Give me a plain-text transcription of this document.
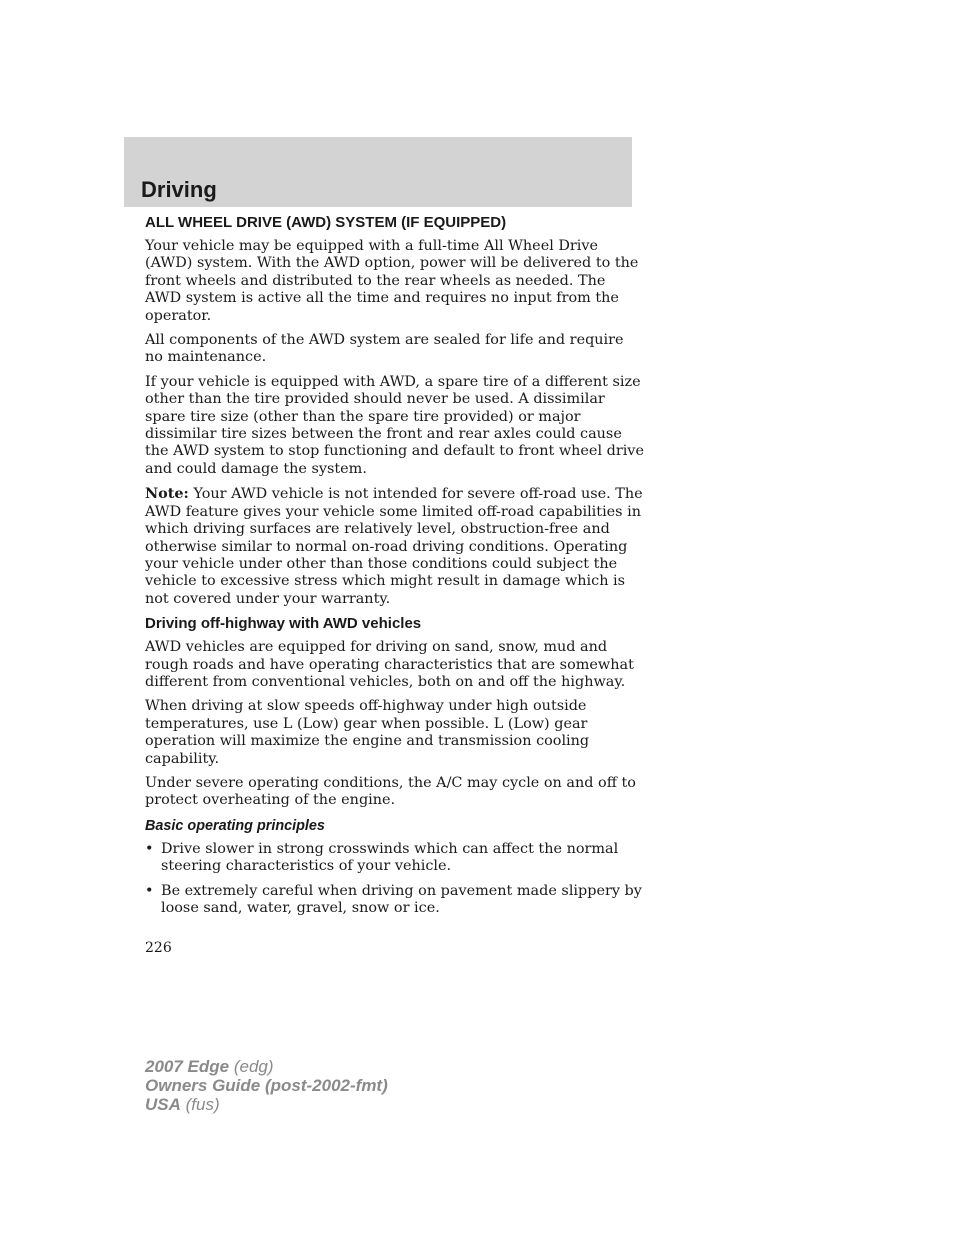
Driving
ALL WHEEL DRIVE (AWD) SYSTEM (IF EQUIPPED)

Your vehicle may be equipped with a full-time All Wheel Drive (AWD) system. With the AWD option, power will be delivered to the front wheels and distributed to the rear wheels as needed. The AWD system is active all the time and requires no input from the operator.

All components of the AWD system are sealed for life and require no maintenance.

If your vehicle is equipped with AWD, a spare tire of a different size other than the tire provided should never be used. A dissimilar spare tire size (other than the spare tire provided) or major dissimilar tire sizes between the front and rear axles could cause the AWD system to stop functioning and default to front wheel drive and could damage the system.

Note: Your AWD vehicle is not intended for severe off-road use. The AWD feature gives your vehicle some limited off-road capabilities in which driving surfaces are relatively level, obstruction-free and otherwise similar to normal on-road driving conditions. Operating your vehicle under other than those conditions could subject the vehicle to excessive stress which might result in damage which is not covered under your warranty.

Driving off-highway with AWD vehicles

AWD vehicles are equipped for driving on sand, snow, mud and rough roads and have operating characteristics that are somewhat different from conventional vehicles, both on and off the highway.

When driving at slow speeds off-highway under high outside temperatures, use L (Low) gear when possible. L (Low) gear operation will maximize the engine and transmission cooling capability.

Under severe operating conditions, the A/C may cycle on and off to protect overheating of the engine.

Basic operating principles
• Drive slower in strong crosswinds which can affect the normal steering characteristics of your vehicle.
• Be extremely careful when driving on pavement made slippery by loose sand, water, gravel, snow or ice.
226
2007 Edge (edg)
Owners Guide (post-2002-fmt)
USA (fus)
